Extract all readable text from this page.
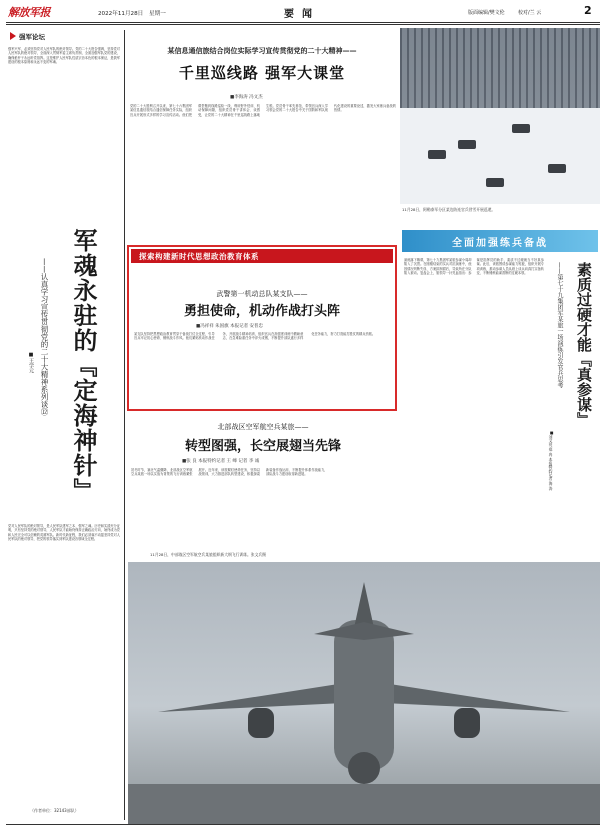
解放军报	2022年11月28日 星期一	要闻	版面编辑/樊文伦	校对/兰 云	2
强军论坛
强军兴军，必须坚持党对人民军队的绝对领导。党的二十大报告强调，坚持党对人民军队的绝对领导，全面深入贯彻军委主席负责制，全面加强军队党的建设，确保枪杆子永远听党指挥。这是维护人民军队性质宗旨本色的根本保证，是我军建设的根本原则和永远不变的军魂。
军魂永驻的『定海神针』
——认真学习宣传贯彻党的二十大精神系列谈⑫
■王学元
党对人民军队的绝对领导，是人民军队建军之本、强军之魂。历史和实践充分证明，只有坚持党的绝对领导，人民军队才能始终保持正确政治方向，始终成为党和人民完全可以信赖的英雄军队。新时代新征程，我们必须毫不动摇坚持党对人民军队的绝对领导，把党的领导落实到军队建设各领域全过程。
（作者单位：32143部队）
某信息通信旅结合岗位实际学习宣传贯彻党的二十大精神——
千里巡线路 强军大课堂
■李海涛 冯文杰
党的二十大胜利召开以来，第七十六集团军某信息通信旅结合通信保障任务实际，组织官兵开展形式多样的学习宣传活动。他们把课堂搬到线路巡检一线，利用野外驻训、机动保障间隙，组织党员骨干讲体会、谈感受，让党的二十大精神在千里巡线路上落地生根。党员骨干率先垂范，带领官兵深入学习领会党的二十大报告中关于国防和军队现代化建设的重要论述，激发大家练兵备战的热情。
11月28日，阿勒泰军分区某边防连官兵冒雪开展巡逻。
探索构建新时代思想政治教育体系
武警第一机动总队某支队——
勇担使命，机动作战打头阵
■冯祥祥 朱国旗 本报记者 安普忠
某支队坚持把思想政治教育贯穿于备战打仗全过程，引导官兵牢记初心使命、锤炼战斗作风。他们紧贴机动作战任务，开展战斗精神培育，组织官兵在高强度训练中磨砺意志，在急难险重任务中淬火成钢，不断提升部队遂行多样化任务能力，努力打造能打胜仗的精兵劲旅。
北部战区空军航空兵某旅——
转型图强，长空展翅当先锋
■张 良 本报特约记者 王 峰 记者 李 诚
初冬时节，塞北气温骤降，北部战区空军航空兵某旅一场以实战为背景的飞行训练紧张展开。近年来，该旅紧盯使命任务，坚持以战领训，大力推进部队转型建设，积极探索新装备作战运用，不断提升体系作战能力，部队战斗力建设取得新进展。
11月28日，中部战区空军航空兵某旅组织新大纲飞行训练。张文兵摄
全面加强练兵备战
演练落下帷幕，第七十九集团军某旅参谋小周却陷入了沉思。在刚刚结束的实兵对抗演练中，他因情况判断失误、方案拟制滞后，导致所在分队陷入被动。复盘会上，旅领导一针见血指出：参谋是指挥员的助手，素质不过硬就当不好真参谋。此后，该旅围绕参谋能力短板，组织开展专项训练，推动参谋人员从纸上谈兵向真打实备转变，不断锤炼能谋善断的过硬本领。	素质过硬才能『真参谋』
——第七十九集团军某旅一场演练引发官兵思考
■刘文亮 郑 冉 本报特约记者 海 涛
